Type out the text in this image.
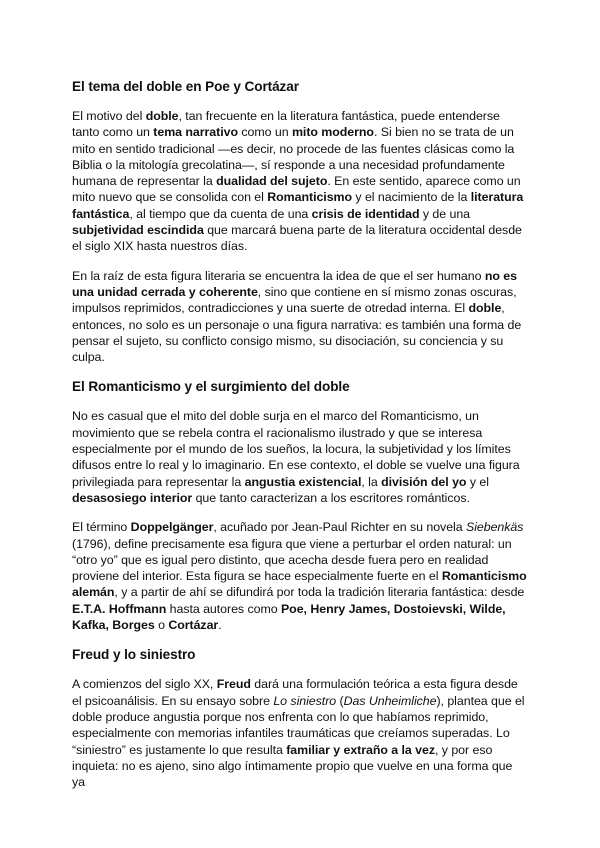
El tema del doble en Poe y Cortázar

El motivo del doble, tan frecuente en la literatura fantástica, puede entenderse tanto como un tema narrativo como un mito moderno. Si bien no se trata de un mito en sentido tradicional —es decir, no procede de las fuentes clásicas como la Biblia o la mitología grecolatina—, sí responde a una necesidad profundamente humana de representar la dualidad del sujeto. En este sentido, aparece como un mito nuevo que se consolida con el Romanticismo y el nacimiento de la literatura fantástica, al tiempo que da cuenta de una crisis de identidad y de una subjetividad escindida que marcará buena parte de la literatura occidental desde el siglo XIX hasta nuestros días.

En la raíz de esta figura literaria se encuentra la idea de que el ser humano no es una unidad cerrada y coherente, sino que contiene en sí mismo zonas oscuras, impulsos reprimidos, contradicciones y una suerte de otredad interna. El doble, entonces, no solo es un personaje o una figura narrativa: es también una forma de pensar el sujeto, su conflicto consigo mismo, su disociación, su conciencia y su culpa.

El Romanticismo y el surgimiento del doble

No es casual que el mito del doble surja en el marco del Romanticismo, un movimiento que se rebela contra el racionalismo ilustrado y que se interesa especialmente por el mundo de los sueños, la locura, la subjetividad y los límites difusos entre lo real y lo imaginario. En ese contexto, el doble se vuelve una figura privilegiada para representar la angustia existencial, la división del yo y el desasosiego interior que tanto caracterizan a los escritores románticos.

El término Doppelgänger, acuñado por Jean-Paul Richter en su novela Siebenkäs (1796), define precisamente esa figura que viene a perturbar el orden natural: un “otro yo” que es igual pero distinto, que acecha desde fuera pero en realidad proviene del interior. Esta figura se hace especialmente fuerte en el Romanticismo alemán, y a partir de ahí se difundirá por toda la tradición literaria fantástica: desde E.T.A. Hoffmann hasta autores como Poe, Henry James, Dostoievski, Wilde, Kafka, Borges o Cortázar.

Freud y lo siniestro

A comienzos del siglo XX, Freud dará una formulación teórica a esta figura desde el psicoanálisis. En su ensayo sobre Lo siniestro (Das Unheimliche), plantea que el doble produce angustia porque nos enfrenta con lo que habíamos reprimido, especialmente con memorias infantiles traumáticas que creíamos superadas. Lo “siniestro” es justamente lo que resulta familiar y extraño a la vez, y por eso inquieta: no es ajeno, sino algo íntimamente propio que vuelve en una forma que ya
